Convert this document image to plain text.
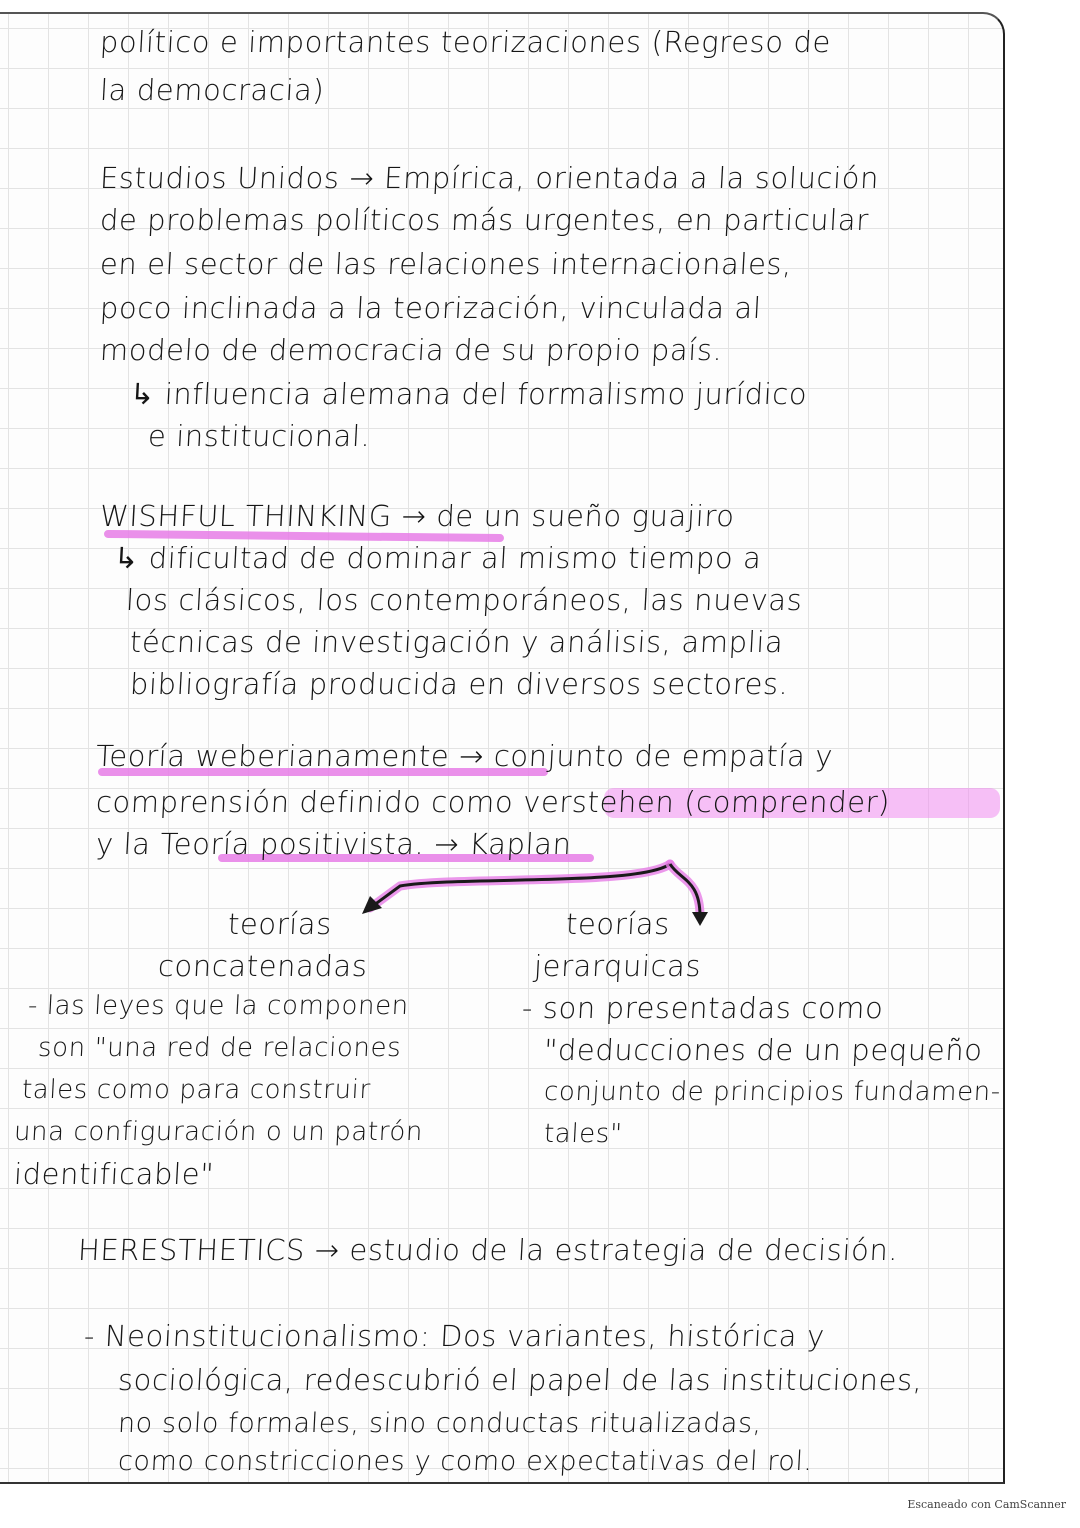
político e importantes teorizaciones (Regreso de
la democracia)
Estudios Unidos → Empírica, orientada a la solución
de problemas políticos más urgentes, en particular
en el sector de las relaciones internacionales,
poco inclinada a la teorización, vinculada al
modelo de democracia de su propio país.
↳ influencia alemana del formalismo jurídico
e institucional.
WISHFUL THINKING → de un sueño guajiro
↳ dificultad de dominar al mismo tiempo a
los clásicos, los contemporáneos, las nuevas
técnicas de investigación y análisis, amplia
bibliografía producida en diversos sectores.
Teoría weberianamente → conjunto de empatía y
comprensión definido como verstehen (comprender)
y la Teoría positivista. → Kaplan
teorías
concatenadas
- las leyes que la componen
son "una red de relaciones
tales como para construir
una configuración o un patrón
identificable"
teorías
jerarquicas
- son presentadas como
"deducciones de un pequeño
conjunto de principios fundamen-
tales"
HERESTHETICS → estudio de la estrategia de decisión.
- Neoinstitucionalismo: Dos variantes, histórica y
sociológica, redescubrió el papel de las instituciones,
no solo formales, sino conductas ritualizadas,
como constricciones y como expectativas del rol.
Escaneado con CamScanner
